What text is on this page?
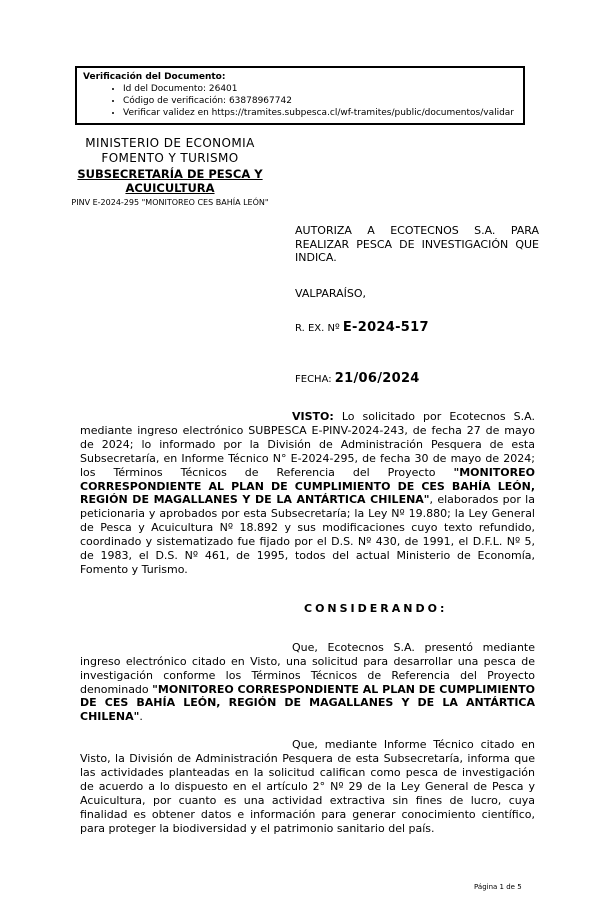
Verificación del Documento:
• Id del Documento: 26401
• Código de verificación: 63878967742
• Verificar validez en https://tramites.subpesca.cl/wf-tramites/public/documentos/validar
MINISTERIO DE ECONOMIA
FOMENTO Y TURISMO
SUBSECRETARÍA DE PESCA Y ACUICULTURA
PINV E-2024-295 "MONITOREO CES BAHÍA LEÓN"
AUTORIZA A ECOTECNOS S.A. PARA REALIZAR PESCA DE INVESTIGACIÓN QUE INDICA.
VALPARAÍSO,
R. EX. Nº E-2024-517
FECHA: 21/06/2024

VISTO: Lo solicitado por Ecotecnos S.A. mediante ingreso electrónico SUBPESCA E-PINV-2024-243, de fecha 27 de mayo de 2024; lo informado por la División de Administración Pesquera de esta Subsecretaría, en Informe Técnico N° E-2024-295, de fecha 30 de mayo de 2024; los Términos Técnicos de Referencia del Proyecto "MONITOREO CORRESPONDIENTE AL PLAN DE CUMPLIMIENTO DE CES BAHÍA LEÓN, REGIÓN DE MAGALLANES Y DE LA ANTÁRTICA CHILENA", elaborados por la peticionaria y aprobados por esta Subsecretaría; la Ley Nº 19.880; la Ley General de Pesca y Acuicultura Nº 18.892 y sus modificaciones cuyo texto refundido, coordinado y sistematizado fue fijado por el D.S. Nº 430, de 1991, el D.F.L. Nº 5, de 1983, el D.S. Nº 461, de 1995, todos del actual Ministerio de Economía, Fomento y Turismo.

CONSIDERANDO:

Que, Ecotecnos S.A. presentó mediante ingreso electrónico citado en Visto, una solicitud para desarrollar una pesca de investigación conforme los Términos Técnicos de Referencia del Proyecto denominado "MONITOREO CORRESPONDIENTE AL PLAN DE CUMPLIMIENTO DE CES BAHÍA LEÓN, REGIÓN DE MAGALLANES Y DE LA ANTÁRTICA CHILENA".

Que, mediante Informe Técnico citado en Visto, la División de Administración Pesquera de esta Subsecretaría, informa que las actividades planteadas en la solicitud califican como pesca de investigación de acuerdo a lo dispuesto en el artículo 2° Nº 29 de la Ley General de Pesca y Acuicultura, por cuanto es una actividad extractiva sin fines de lucro, cuya finalidad es obtener datos e información para generar conocimiento científico, para proteger la biodiversidad y el patrimonio sanitario del país.

Página 1 de 5
